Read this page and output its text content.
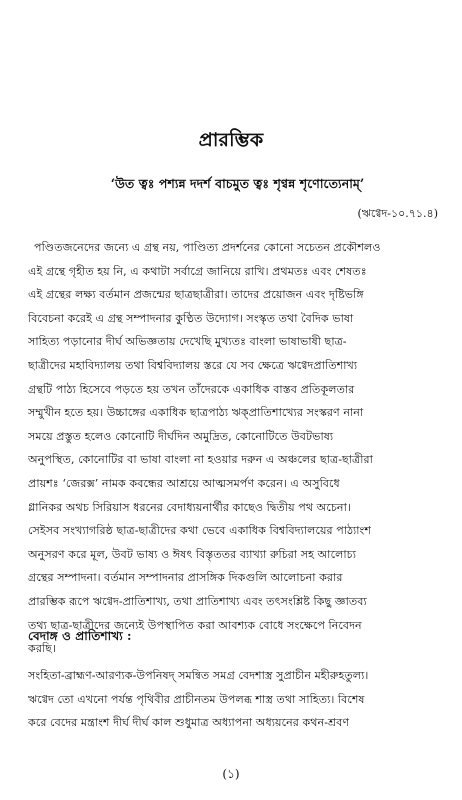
প্রারম্ভিক
‘উত ত্বঃ পশ্যন্ন দদর্শ বাচমুত ত্বঃ শৃণ্বন্ন শৃণোত্যেনাম্’
(ঋগ্বেদ-১০.৭১.৪)
পণ্ডিতজনেদের জন্যে এ গ্রন্থ নয়, পাণ্ডিত্য প্রদর্শনের কোনো সচেতন প্রকৌশলও
এই গ্রন্থে গৃহীত হয় নি, এ কথাটা সর্বাগ্রে জানিয়ে রাখি। প্রথমতঃ এবং শেষতঃ
এই গ্রন্থের লক্ষ্য বর্তমান প্রজন্মের ছাত্রছাত্রীরা। তাদের প্রয়োজন এবং দৃষ্টিভঙ্গি
বিবেচনা করেই এ গ্রন্থ সম্পাদনার কুণ্ঠিত উদ্যোগ। সংস্কৃত তথা বৈদিক ভাষা
সাহিত্য পড়ানোর দীর্ঘ অভিজ্ঞতায় দেখেছি মুখ্যতঃ বাংলা ভাষাভাষী ছাত্র-
ছাত্রীদের মহাবিদ্যালয় তথা বিশ্ববিদ্যালয় স্তরে যে সব ক্ষেত্রে ঋগ্বেদপ্রাতিশাখ্য
গ্রন্থটি পাঠ্য হিসেবে পড়তে হয় তখন তাঁদেরকে একাধিক বাস্তব প্রতিকূলতার
সম্মুখীন হতে হয়। উচ্চাঙ্গের একাধিক ছাত্রপাঠ্য ঋক্প্রাতিশাখ্যের সংস্করণ নানা
সময়ে প্রস্তুত হলেও কোনোটি দীর্ঘদিন অমুদ্রিত, কোনোটিতে উবটভাষ্য
অনুপস্থিত, কোনোটির বা ভাষা বাংলা না হওয়ার দরুন এ অঞ্চলের ছাত্র-ছাত্রীরা
প্রায়শঃ ‘জেরক্স’ নামক কবন্ধের আশ্রয়ে আত্মসমর্পণ করেন। এ অসুবিধে
গ্লানিকর অথচ সিরিয়াস ধরনের বেদাধ্যয়নার্থীর কাছেও দ্বিতীয় পথ অচেনা।
সেইসব সংখ্যাগরিষ্ঠ ছাত্র-ছাত্রীদের কথা ভেবে একাধিক বিশ্ববিদ্যালয়ের পাঠ্যাংশ
অনুসরণ করে মূল, উবট ভাষ্য ও ঈষৎ বিস্তৃততর ব্যাখ্যা রুচিরা সহ আলোচ্য
গ্রন্থের সম্পাদনা। বর্তমান সম্পাদনার প্রাসঙ্গিক দিকগুলি আলোচনা করার
প্রারম্ভিক রূপে ঋগ্বেদ-প্রাতিশাখ্য, তথা প্রাতিশাখ্য এবং তৎসংশ্লিষ্ট কিছু জ্ঞাতব্য
তথ্য ছাত্র-ছাত্রীদের জন্যেই উপস্থাপিত করা আবশ্যক বোধে সংক্ষেপে নিবেদন
করছি।
বেদাঙ্গ ও প্রাতিশাখ্য :
সংহিতা-ব্রাহ্মণ-আরণ্যক-উপনিষদ্ সমন্বিত সমগ্র বেদশাস্ত্র সুপ্রাচীন মহীরুহতুল্য।
ঋগ্বেদ তো এখনো পর্যন্ত পৃথিবীর প্রাচীনতম উপলব্ধ শাস্ত্র তথা সাহিত্য। বিশেষ
করে বেদের মন্ত্রাংশ দীর্ঘ দীর্ঘ কাল শুধুমাত্র অধ্যাপনা অধ্যয়নের কথন-শ্রবণ
(১)
